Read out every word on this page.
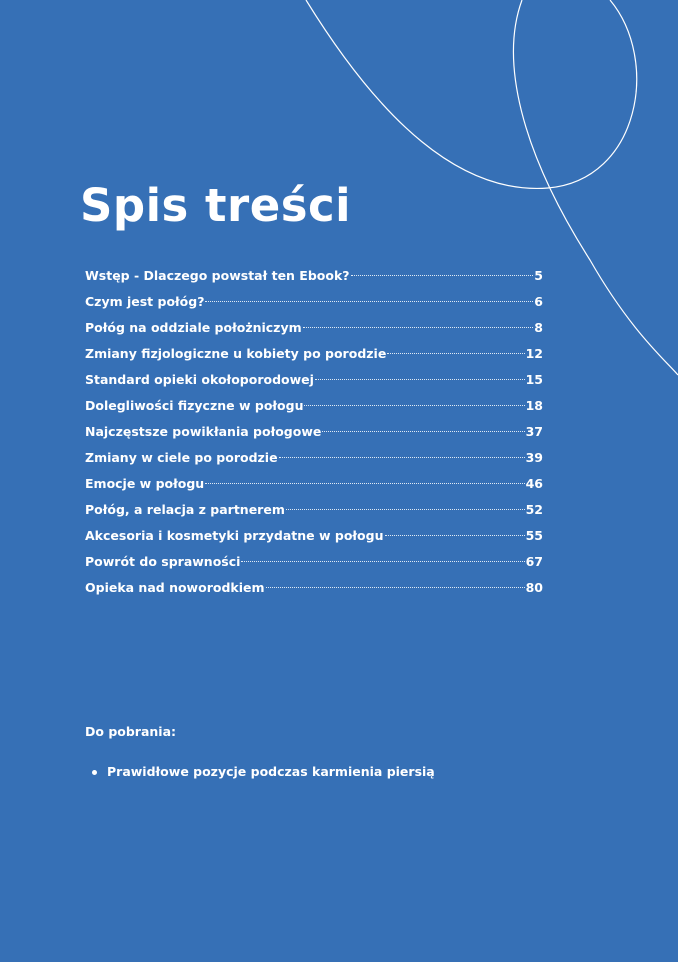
Spis treści
Wstęp - Dlaczego powstał ten Ebook?	5
Czym jest połóg?	6
Połóg na oddziale położniczym	8
Zmiany fizjologiczne u kobiety po porodzie	12
Standard opieki okołoporodowej	15
Dolegliwości fizyczne w połogu	18
Najczęstsze powikłania połogowe	37
Zmiany w ciele po porodzie	39
Emocje w połogu	46
Połóg, a relacja z partnerem	52
Akcesoria i kosmetyki przydatne w połogu	55
Powrót do sprawności	67
Opieka nad noworodkiem	80
Do pobrania:
Prawidłowe pozycje podczas karmienia piersią
